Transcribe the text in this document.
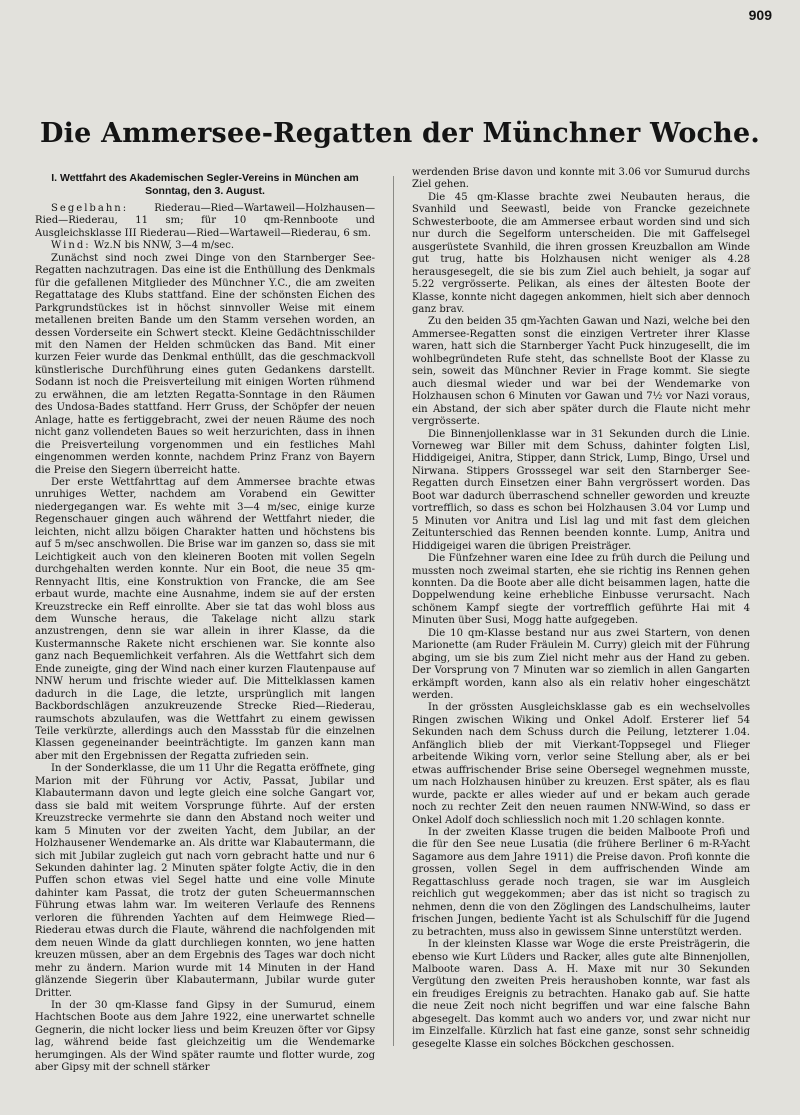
909
Die Ammersee-Regatten der Münchner Woche.
I. Wettfahrt des Akademischen Segler-Vereins in München am Sonntag, den 3. August.

Segelbahn: Riederau—Ried—Wartaweil—Holzhausen—Ried—Riederau, 11 sm; für 10 qm-Rennboote und Ausgleichsklasse III Riederau—Ried—Wartaweil—Riederau, 6 sm.

Wind: Wz.N bis NNW, 3—4 m/sec.

Zunächst sind noch zwei Dinge von den Starnberger See-Regatten nachzutragen. Das eine ist die Enthüllung des Denkmals für die gefallenen Mitglieder des Münchner Y.C., die am zweiten Regattatage des Klubs stattfand. Eine der schönsten Eichen des Parkgrundstückes ist in höchst sinnvoller Weise mit einem metallenen breiten Bande um den Stamm versehen worden, an dessen Vorderseite ein Schwert steckt. Kleine Gedächtnisschilder mit den Namen der Helden schmücken das Band. Mit einer kurzen Feier wurde das Denkmal enthüllt, das die geschmackvoll künstlerische Durchführung eines guten Gedankens darstellt. Sodann ist noch die Preisverteilung mit einigen Worten rühmend zu erwähnen, die am letzten Regatta-Sonntage in den Räumen des Undosa-Bades stattfand. Herr Gruss, der Schöpfer der neuen Anlage, hatte es fertiggebracht, zwei der neuen Räume des noch nicht ganz vollendeten Baues so weit herzurichten, dass in ihnen die Preisverteilung vorgenommen und ein festliches Mahl eingenommen werden konnte, nachdem Prinz Franz von Bayern die Preise den Siegern überreicht hatte.

Der erste Wettfahrttag auf dem Ammersee brachte etwas unruhiges Wetter, nachdem am Vorabend ein Gewitter niedergegangen war. Es wehte mit 3—4 m/sec, einige kurze Regenschauer gingen auch während der Wettfahrt nieder, die leichten, nicht allzu böigen Charakter hatten und höchstens bis auf 5 m/sec anschwollen. Die Brise war im ganzen so, dass sie mit Leichtigkeit auch von den kleineren Booten mit vollen Segeln durchgehalten werden konnte. Nur ein Boot, die neue 35 qm-Rennyacht Iltis, eine Konstruktion von Francke, die am See erbaut wurde, machte eine Ausnahme, indem sie auf der ersten Kreuzstrecke ein Reff einrollte. Aber sie tat das wohl bloss aus dem Wunsche heraus, die Takelage nicht allzu stark anzustrengen, denn sie war allein in ihrer Klasse, da die Kustermannsche Rakete nicht erschienen war. Sie konnte also ganz nach Bequemlichkeit verfahren. Als die Wettfahrt sich dem Ende zuneigte, ging der Wind nach einer kurzen Flautenpause auf NNW herum und frischte wieder auf. Die Mittelklassen kamen dadurch in die Lage, die letzte, ursprünglich mit langen Backbordschlägen anzukreuzende Strecke Ried—Riederau, raumschots abzulaufen, was die Wettfahrt zu einem gewissen Teile verkürzte, allerdings auch den Massstab für die einzelnen Klassen gegeneinander beeinträchtigte. Im ganzen kann man aber mit den Ergebnissen der Regatta zufrieden sein.

In der Sonderklasse, die um 11 Uhr die Regatta eröffnete, ging Marion mit der Führung vor Activ, Passat, Jubilar und Klabautermann davon und legte gleich eine solche Gangart vor, dass sie bald mit weitem Vorsprunge führte. Auf der ersten Kreuzstrecke vermehrte sie dann den Abstand noch weiter und kam 5 Minuten vor der zweiten Yacht, dem Jubilar, an der Holzhausener Wendemarke an. Als dritte war Klabautermann, die sich mit Jubilar zugleich gut nach vorn gebracht hatte und nur 6 Sekunden dahinter lag. 2 Minuten später folgte Activ, die in den Puffen schon etwas viel Segel hatte und eine volle Minute dahinter kam Passat, die trotz der guten Scheuermannschen Führung etwas lahm war. Im weiteren Verlaufe des Rennens verloren die führenden Yachten auf dem Heimwege Ried—Riederau etwas durch die Flaute, während die nachfolgenden mit dem neuen Winde da glatt durchliegen konnten, wo jene hatten kreuzen müssen, aber an dem Ergebnis des Tages war doch nicht mehr zu ändern. Marion wurde mit 14 Minuten in der Hand glänzende Siegerin über Klabautermann, Jubilar wurde guter Dritter.

In der 30 qm-Klasse fand Gipsy in der Sumurud, einem Hachtschen Boote aus dem Jahre 1922, eine unerwartet schnelle Gegnerin, die nicht locker liess und beim Kreuzen öfter vor Gipsy lag, während beide fast gleichzeitig um die Wendemarke herumgingen. Als der Wind später raumte und flotter wurde, zog aber Gipsy mit der schnell stärker

werdenden Brise davon und konnte mit 3.06 vor Sumurud durchs Ziel gehen.

Die 45 qm-Klasse brachte zwei Neubauten heraus, die Svanhild und Seewastl, beide von Francke gezeichnete Schwesterboote, die am Ammersee erbaut worden sind und sich nur durch die Segelform unterscheiden. Die mit Gaffelsegel ausgerüstete Svanhild, die ihren grossen Kreuzballon am Winde gut trug, hatte bis Holzhausen nicht weniger als 4.28 herausgesegelt, die sie bis zum Ziel auch behielt, ja sogar auf 5.22 vergrösserte. Pelikan, als eines der ältesten Boote der Klasse, konnte nicht dagegen ankommen, hielt sich aber dennoch ganz brav.

Zu den beiden 35 qm-Yachten Gawan und Nazi, welche bei den Ammersee-Regatten sonst die einzigen Vertreter ihrer Klasse waren, hatt sich die Starnberger Yacht Puck hinzugesellt, die im wohlbegründeten Rufe steht, das schnellste Boot der Klasse zu sein, soweit das Münchner Revier in Frage kommt. Sie siegte auch diesmal wieder und war bei der Wendemarke von Holzhausen schon 6 Minuten vor Gawan und 7½ vor Nazi voraus, ein Abstand, der sich aber später durch die Flaute nicht mehr vergrösserte.

Die Binnenjollenklasse war in 31 Sekunden durch die Linie. Vorneweg war Biller mit dem Schuss, dahinter folgten Lisl, Hiddigeigei, Anitra, Stipper, dann Strick, Lump, Bingo, Ursel und Nirwana. Stippers Grosssegel war seit den Starnberger See-Regatten durch Einsetzen einer Bahn vergrössert worden. Das Boot war dadurch überraschend schneller geworden und kreuzte vortrefflich, so dass es schon bei Holzhausen 3.04 vor Lump und 5 Minuten vor Anitra und Lisl lag und mit fast dem gleichen Zeitunterschied das Rennen beenden konnte. Lump, Anitra und Hiddigeigei waren die übrigen Preisträger.

Die Fünfzehner waren eine Idee zu früh durch die Peilung und mussten noch zweimal starten, ehe sie richtig ins Rennen gehen konnten. Da die Boote aber alle dicht beisammen lagen, hatte die Doppelwendung keine erhebliche Einbusse verursacht. Nach schönem Kampf siegte der vortrefflich geführte Hai mit 4 Minuten über Susi, Mogg hatte aufgegeben.

Die 10 qm-Klasse bestand nur aus zwei Startern, von denen Marionette (am Ruder Fräulein M. Curry) gleich mit der Führung abging, um sie bis zum Ziel nicht mehr aus der Hand zu geben. Der Vorsprung von 7 Minuten war so ziemlich in allen Gangarten erkämpft worden, kann also als ein relativ hoher eingeschätzt werden.

In der grössten Ausgleichsklasse gab es ein wechselvolles Ringen zwischen Wiking und Onkel Adolf. Ersterer lief 54 Sekunden nach dem Schuss durch die Peilung, letzterer 1.04. Anfänglich blieb der mit Vierkant-Toppsegel und Flieger arbeitende Wiking vorn, verlor seine Stellung aber, als er bei etwas auffrischender Brise seine Obersegel wegnehmen musste, um nach Holzhausen hinüber zu kreuzen. Erst später, als es flau wurde, packte er alles wieder auf und er bekam auch gerade noch zu rechter Zeit den neuen raumen NNW-Wind, so dass er Onkel Adolf doch schliesslich noch mit 1.20 schlagen konnte.

In der zweiten Klasse trugen die beiden Malboote Profi und die für den See neue Lusatia (die frühere Berliner 6 m-R-Yacht Sagamore aus dem Jahre 1911) die Preise davon. Profi konnte die grossen, vollen Segel in dem auffrischenden Winde am Regattaschluss gerade noch tragen, sie war im Ausgleich reichlich gut weggekommen; aber das ist nicht so tragisch zu nehmen, denn die von den Zöglingen des Landschulheims, lauter frischen Jungen, bediente Yacht ist als Schulschiff für die Jugend zu betrachten, muss also in gewissem Sinne unterstützt werden.

In der kleinsten Klasse war Woge die erste Preisträgerin, die ebenso wie Kurt Lüders und Racker, alles gute alte Binnenjollen, Malboote waren. Dass A. H. Maxe mit nur 30 Sekunden Vergütung den zweiten Preis heraushoben konnte, war fast als ein freudiges Ereignis zu betrachten. Hanako gab auf. Sie hatte die neue Zeit noch nicht begriffen und war eine falsche Bahn abgesegelt. Das kommt auch wo anders vor, und zwar nicht nur im Einzelfalle. Kürzlich hat fast eine ganze, sonst sehr schneidig gesegelte Klasse ein solches Böckchen geschossen.
